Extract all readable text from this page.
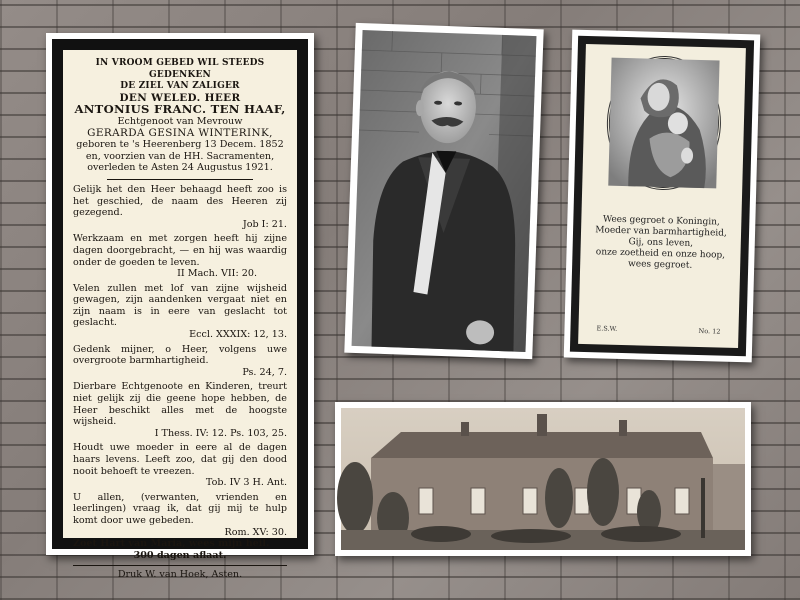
IN VROOM GEBED WIL STEEDS GEDENKEN

DE ZIEL VAN ZALIGER

DEN WELED. HEER

ANTONIUS FRANC. TEN HAAF,

Echtgenoot van Mevrouw

GERARDA GESINA WINTERINK,

geboren te 's Heerenberg 13 Decem. 1852

en, voorzien van de HH. Sacramenten,

overleden te Asten 24 Augustus 1921.

Gelijk het den Heer behaagd heeft zoo is het geschied, de naam des Heeren zij gezegend.

Job I: 21.

Werkzaam en met zorgen heeft hij zijne dagen doorgebracht, — en hij was waardig onder de goeden te leven.

II Mach. VII: 20.

Velen zullen met lof van zijne wijsheid gewagen, zijn aandenken vergaat niet en zijn naam is in eere van geslacht tot geslacht.

Eccl. XXXIX: 12, 13.

Gedenk mijner, o Heer, volgens uwe overgroote barmhartigheid.

Ps. 24, 7.

Dierbare Echtgenoote en Kinderen, treurt niet gelijk zij die geene hope hebben, de Heer beschikt alles met de hoogste wijsheid.

I Thess. IV: 12. Ps. 103, 25.

Houdt uwe moeder in eere al de dagen haars levens. Leeft zoo, dat gij den dood nooit behoeft te vreezen.

Tob. IV 3 H. Ant.

U allen, (verwanten, vrienden en leerlingen) vraag ik, dat gij mij te hulp komt door uwe gebeden.

Rom. XV: 30.

Zoet Hart van Maria, wees mijn heil.

300 dagen aflaat.

Druk W. van Hoek, Asten.

Wees gegroet o Koningin,
Moeder van barmhartigheid,
Gij, ons leven,
onze zoetheid en onze hoop,
wees gegroet.
E.S.W.	No. 12
